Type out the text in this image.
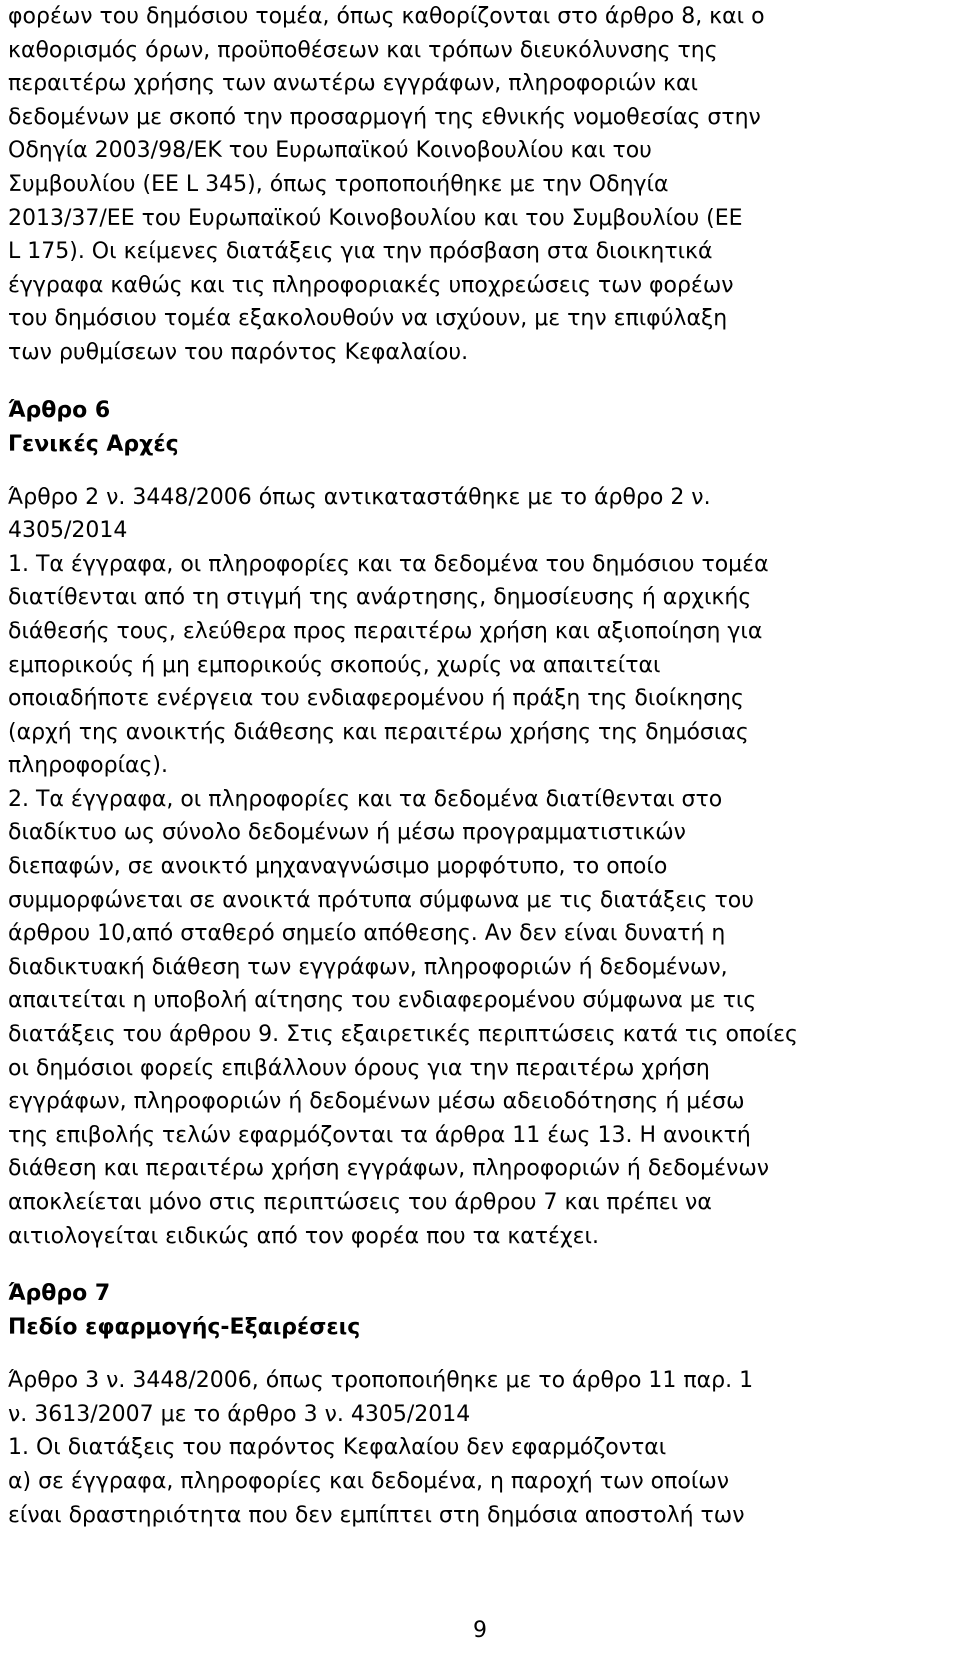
φορέων του δημόσιου τομέα, όπως καθορίζονται στο άρθρο 8, και ο
καθορισμός όρων, προϋποθέσεων και τρόπων διευκόλυνσης της
περαιτέρω χρήσης των ανωτέρω εγγράφων, πληροφοριών και
δεδομένων με σκοπό την προσαρμογή της εθνικής νομοθεσίας στην
Οδηγία 2003/98/ΕΚ του Ευρωπαϊκού Κοινοβουλίου και του
Συμβουλίου (ΕΕ L 345), όπως τροποποιήθηκε με την Οδηγία
2013/37/ΕΕ του Ευρωπαϊκού Κοινοβουλίου και του Συμβουλίου (ΕΕ
L 175). Οι κείμενες διατάξεις για την πρόσβαση στα διοικητικά
έγγραφα καθώς και τις πληροφοριακές υποχρεώσεις των φορέων
του δημόσιου τομέα εξακολουθούν να ισχύουν, με την επιφύλαξη
των ρυθμίσεων του παρόντος Κεφαλαίου.
Άρθρο 6
Γενικές Αρχές
Άρθρο 2 ν. 3448/2006 όπως αντικαταστάθηκε με το άρθρο 2 ν.
4305/2014
1. Τα έγγραφα, οι πληροφορίες και τα δεδομένα του δημόσιου τομέα
διατίθενται από τη στιγμή της ανάρτησης, δημοσίευσης ή αρχικής
διάθεσής τους, ελεύθερα προς περαιτέρω χρήση και αξιοποίηση για
εμπορικούς ή μη εμπορικούς σκοπούς, χωρίς να απαιτείται
οποιαδήποτε ενέργεια του ενδιαφερομένου ή πράξη της διοίκησης
(αρχή της ανοικτής διάθεσης και περαιτέρω χρήσης της δημόσιας
πληροφορίας).
2. Τα έγγραφα, οι πληροφορίες και τα δεδομένα διατίθενται στο
διαδίκτυο ως σύνολο δεδομένων ή μέσω προγραμματιστικών
διεπαφών, σε ανοικτό μηχαναγνώσιμο μορφότυπο, το οποίο
συμμορφώνεται σε ανοικτά πρότυπα σύμφωνα με τις διατάξεις του
άρθρου 10,από σταθερό σημείο απόθεσης. Αν δεν είναι δυνατή η
διαδικτυακή διάθεση των εγγράφων, πληροφοριών ή δεδομένων,
απαιτείται η υποβολή αίτησης του ενδιαφερομένου σύμφωνα με τις
διατάξεις του άρθρου 9. Στις εξαιρετικές περιπτώσεις κατά τις οποίες
οι δημόσιοι φορείς επιβάλλουν όρους για την περαιτέρω χρήση
εγγράφων, πληροφοριών ή δεδομένων μέσω αδειοδότησης ή μέσω
της επιβολής τελών εφαρμόζονται τα άρθρα 11 έως 13. Η ανοικτή
διάθεση και περαιτέρω χρήση εγγράφων, πληροφοριών ή δεδομένων
αποκλείεται μόνο στις περιπτώσεις του άρθρου 7 και πρέπει να
αιτιολογείται ειδικώς από τον φορέα που τα κατέχει.
Άρθρο 7
Πεδίο εφαρμογής-Εξαιρέσεις
Άρθρο 3 ν. 3448/2006, όπως τροποποιήθηκε με το άρθρο 11 παρ. 1
ν. 3613/2007 με το άρθρο 3 ν. 4305/2014
1. Οι διατάξεις του παρόντος Κεφαλαίου δεν εφαρμόζονται
α) σε έγγραφα, πληροφορίες και δεδομένα, η παροχή των οποίων
είναι δραστηριότητα που δεν εμπίπτει στη δημόσια αποστολή των
9
